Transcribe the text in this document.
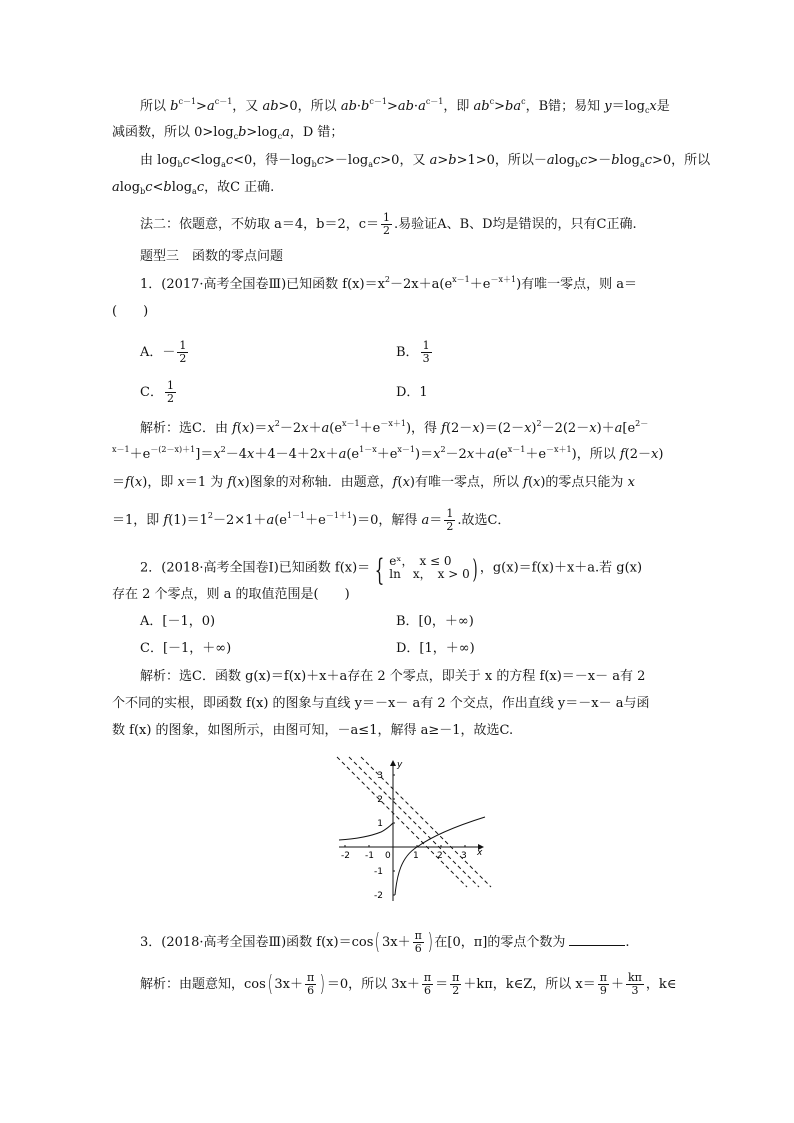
所以 $b^{c-1}>a^{c-1}$，又 ab>0，所以 $ab\cdot b^{c-1}>ab\cdot a^{c-1}$，即 $ab^c>ba^c$，B错；易知 $y=\log_cx$是
减函数，所以 $0>\log_cb>\log_ca$，D 错；
由 $\log_bc<\log_ac<0$，得$-\log_bc>-\log_ac>0$，又 a>b>1>0，所以－alog$_b$c>－blog$_a$c>0，所以
alog$_b$c<blog$_a$c，故C 正确.
法二：依题意，不妨取 a＝4，b＝2，$c= \frac{1}{2}$ .易验证A、B、D均是错误的，只有C正确.
题型三　函数的零点问题
1．(2017·高考全国卷Ⅲ)已知函数 $f(x)=x^2-2x+a(e^{x-1}+e^{-x+1})$有唯一零点，则 a＝
(　　)
A．－ $\frac{1}{2}$	B． $\frac{1}{3}$
C． $\frac{1}{2}$	D．1
解析：选C．由 $f(x)=x^2-2x+a(e^{x-1}+e^{-x+1})$，得 $f(2-x)=(2-x)^2-2(2-x)+a[e^{2-}$
$^{x-1}+e^{-(2-x)+1}]=x^2-4x+4-4+2x+a(e^{1-x}+e^{x-1})=x^2-2x+a(e^{x-1}+e^{-x+1})$，所以 f(2－x)
＝f(x)，即 x＝1 为 f(x)图象的对称轴．由题意，f(x)有唯一零点，所以 f(x)的零点只能为 x
＝1，即 $f(1)=1^2-2\times 1+a(e^{1-1}+e^{-1+1})=0$，解得 $a= \frac{1}{2}$ .故选C．
2．(2018·高考全国卷Ⅰ)已知函数 f(x)＝ { eˣ，　x ≤ 0
ln　x，　x > 0 ) ，g(x)＝f(x)＋x＋a.若 g(x)
存在 2 个零点，则 a 的取值范围是(　　)
A．[－1，0)	B．[0，＋∞)
C．[－1，＋∞)	D．[1，＋∞)
解析：选C．函数 g(x)＝f(x)＋x＋a存在 2 个零点，即关于 x 的方程 f(x)＝－x－ a有 2
个不同的实根，即函数 f(x) 的图象与直线 y＝－x－ a有 2 个交点，作出直线 y＝－x－ a与函
数 f(x) 的图象，如图所示，由图可知，－a≤1，解得 a≥－1，故选C.
x
y
-2 -1 0 1 2 3
3
2
1
-1
-2
3．(2018·高考全国卷Ⅲ)函数 f(x)＝cos( $3x+ \frac{\pi}{6}$ ) 在[0，π]的零点个数为	.
解析：由题意知，cos( $3x+ \frac{\pi}{6}$ ) ＝0，所以 $3x+ \frac{\pi}{6} = \frac{\pi}{2} +k\pi$，k∈Z，所以 $x= \frac{\pi}{9} + \frac{k\pi}{3}$ ，k∈
